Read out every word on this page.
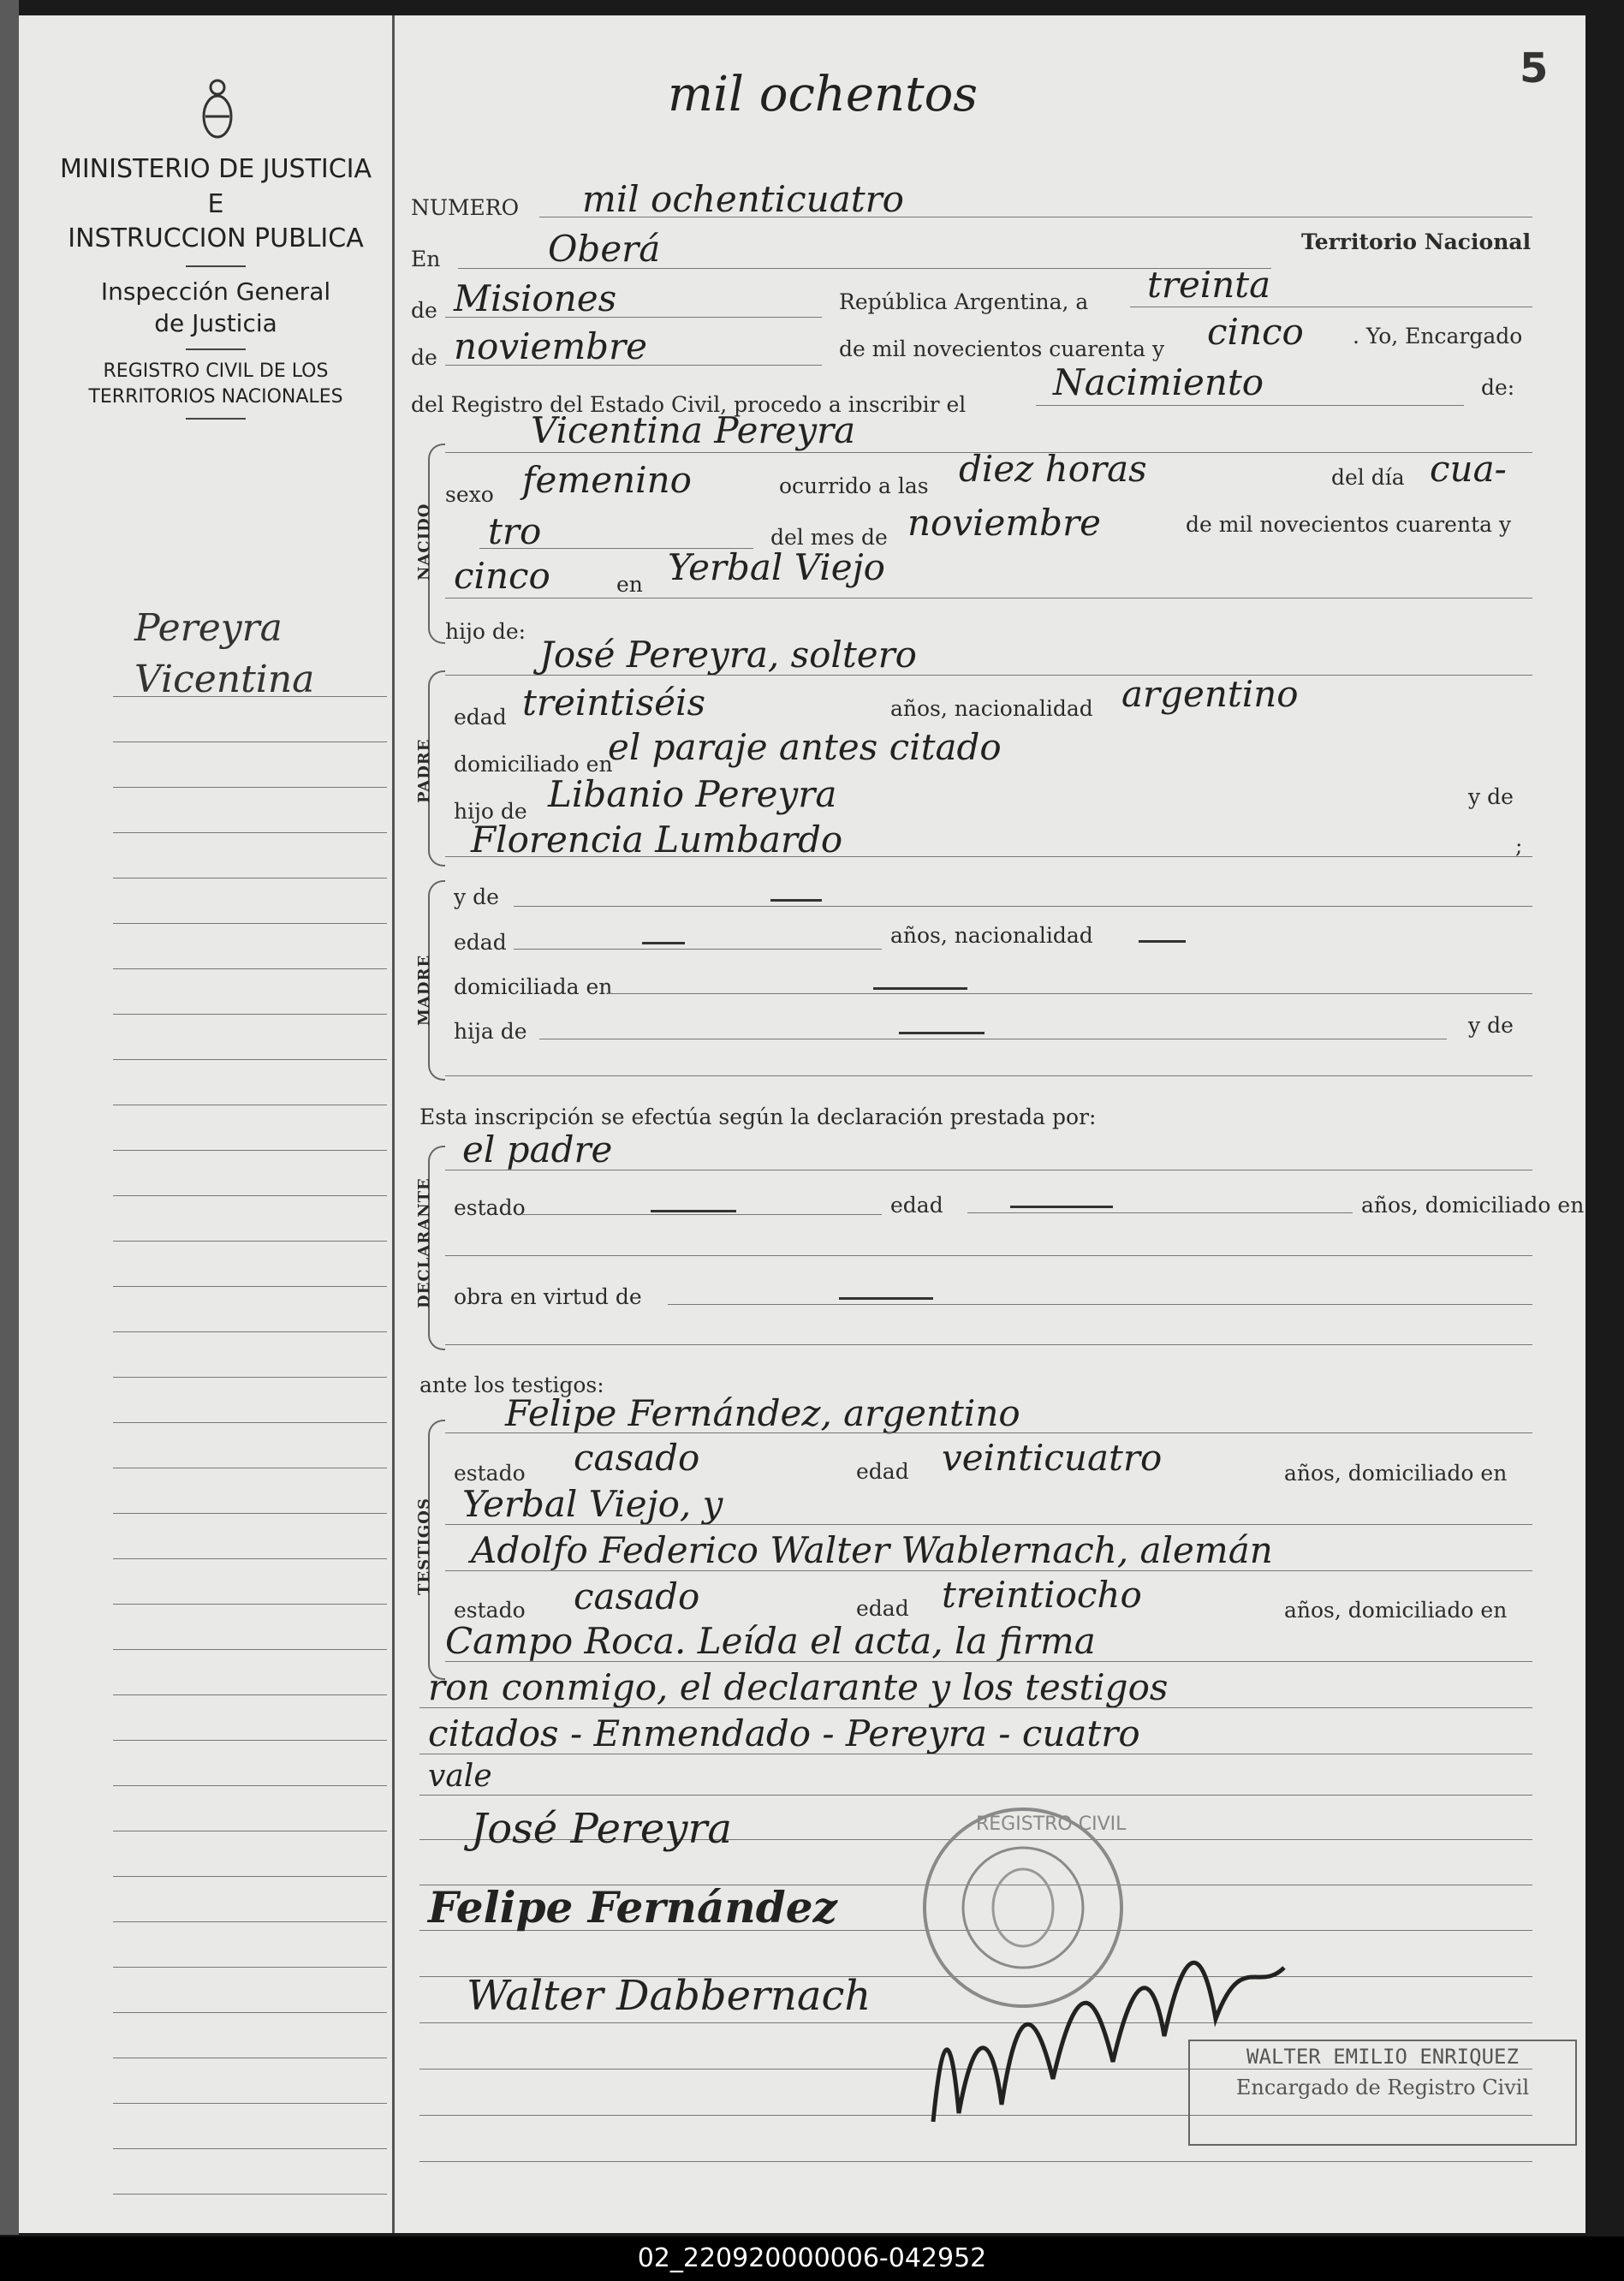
MINISTERIO DE JUSTICIA
E
INSTRUCCION PUBLICA
Inspección General
de Justicia
REGISTRO CIVIL DE LOS
TERRITORIOS NACIONALES
Pereyra
Vicentina
mil ochentos
NUMERO mil ochenticuatro
En	Oberá	Territorio Nacional
de Misiones	República Argentina, a treinta
de noviembre	de mil novecientos cuarenta y cinco . Yo, Encargado
del Registro del Estado Civil, procedo a inscribir el
Nacimiento	de:
NACIDO
Vicentina Pereyra
sexo femenino	ocurrido a las diez horas	del día cua-
tro	del mes de noviembre	de mil novecientos cuarenta y
cinco	en Yerbal Viejo
hijo de:
PADRE
José Pereyra, soltero
edad treintiséis	años, nacionalidad argentino
domiciliado en
el paraje antes citado
hijo de Libanio Pereyra	y de
Florencia Lumbardo	;
MADRE
y de
edad	años, nacionalidad
domiciliada en
hija de	y de
Esta inscripción se efectúa según la declaración prestada por:
DECLARANTE
el padre
estado	edad	años, domiciliado en
obra en virtud de
ante los testigos:
TESTIGOS
Felipe Fernández, argentino
estado casado	edad veinticuatro	años, domiciliado en
Yerbal Viejo, y
Adolfo Federico Walter Wablernach, alemán
estado casado	edad treintiocho	años, domiciliado en
Campo Roca. Leída el acta, la firma
ron conmigo, el declarante y los testigos
citados - Enmendado - Pereyra - cuatro
vale
José Pereyra
Felipe Fernández
Walter Dabbernach
REGISTRO CIVIL
5
WALTER EMILIO ENRIQUEZ
Encargado de Registro Civil
02_220920000006-042952
